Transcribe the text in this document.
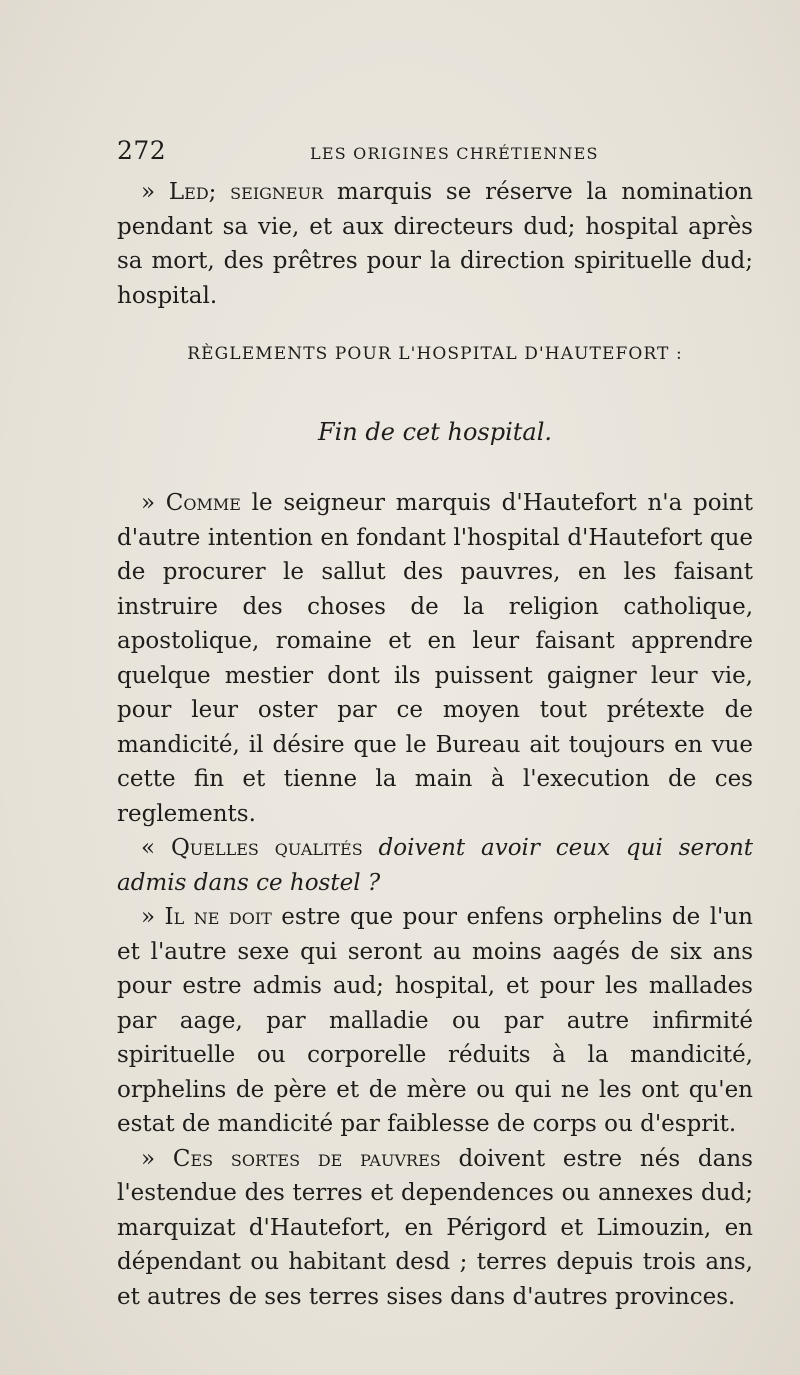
272	LES ORIGINES CHRÉTIENNES

» Led; seigneur marquis se réserve la nomination pendant sa vie, et aux directeurs dud; hospital après sa mort, des prêtres pour la direction spirituelle dud; hospital.

RÈGLEMENTS POUR L'HOSPITAL D'HAUTEFORT :
Fin de cet hospital.

» Comme le seigneur marquis d'Hautefort n'a point d'autre intention en fondant l'hospital d'Hautefort que de procurer le sallut des pauvres, en les faisant instruire des choses de la religion catholique, apostolique, romaine et en leur faisant apprendre quelque mestier dont ils puissent gaigner leur vie, pour leur oster par ce moyen tout prétexte de mandicité, il désire que le Bureau ait toujours en vue cette fin et tienne la main à l'execution de ces reglements.

« Quelles qualités doivent avoir ceux qui seront admis dans ce hostel ?

» Il ne doit estre que pour enfens orphelins de l'un et l'autre sexe qui seront au moins aagés de six ans pour estre admis aud; hospital, et pour les mallades par aage, par malladie ou par autre infirmité spirituelle ou corporelle réduits à la mandicité, orphelins de père et de mère ou qui ne les ont qu'en estat de mandicité par faiblesse de corps ou d'esprit.

» Ces sortes de pauvres doivent estre nés dans l'estendue des terres et dependences ou annexes dud; marquizat d'Hautefort, en Périgord et Limouzin, en dépendant ou habitant desd ; terres depuis trois ans, et autres de ses terres sises dans d'autres provinces.
